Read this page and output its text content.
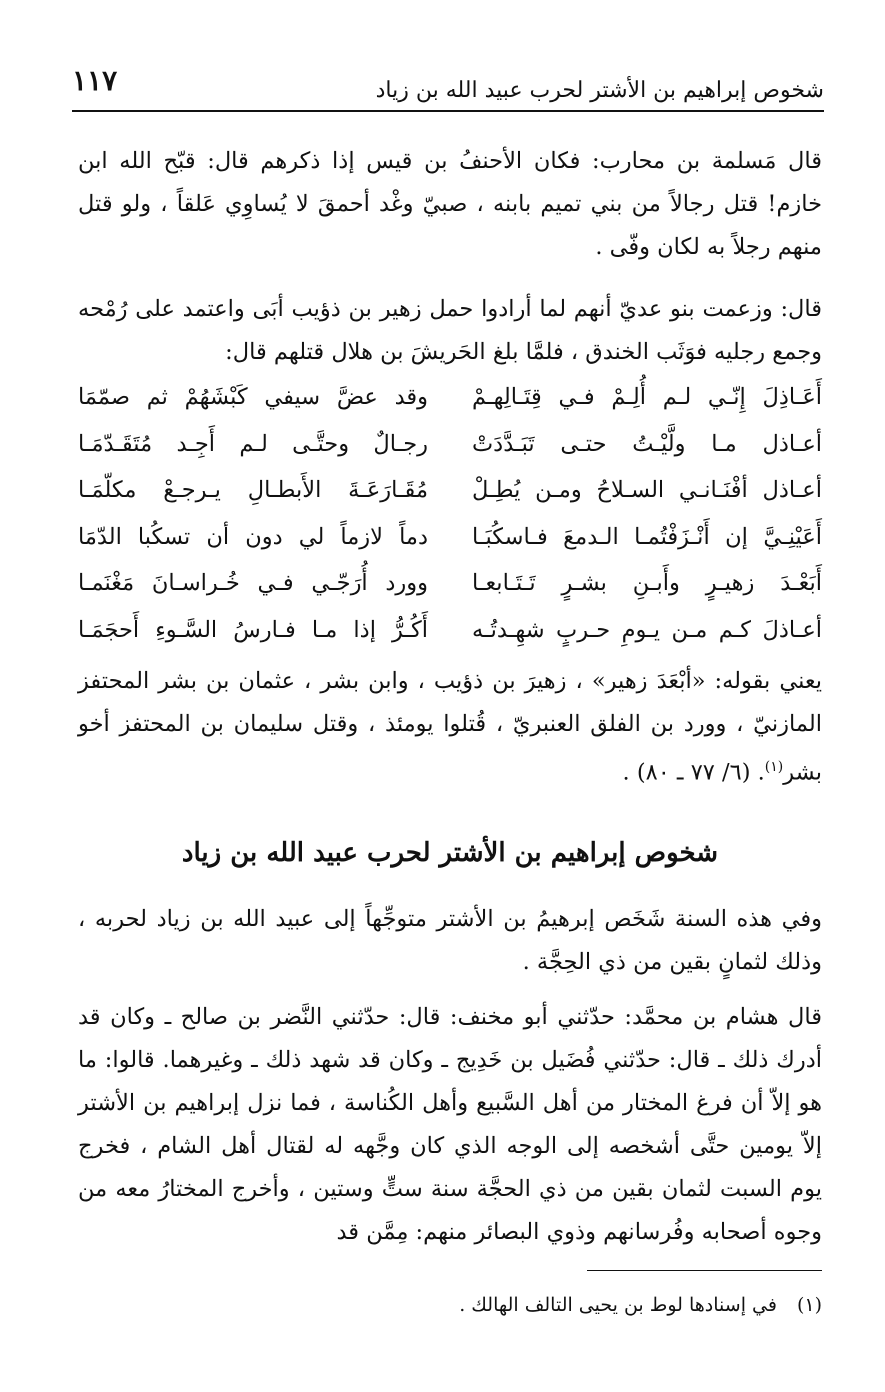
شخوص إبراهيم بن الأشتر لحرب عبيد الله بن زياد
١١٧

قال مَسلمة بن محارب: فكان الأحنفُ بن قيس إذا ذكرهم قال: قبّح الله ابن خازم! قتل رجالاً من بني تميم بابنه ، صبيّ وغْد أحمقَ لا يُساوِي عَلقاً ، ولو قتل منهم رجلاً به لكان وفّى .

قال: وزعمت بنو عديّ أنهم لما أرادوا حمل زهير بن ذؤيب أبَى واعتمد على رُمْحه وجمع رجليه فوَثَب الخندق ، فلمَّا بلغ الحَريشَ بن هلال قتلهم قال:

أَعَـاذِلَ إِنّـي لـم أُلِـمْ فـي قِتَـالِهـمْ
وقد عضَّ سيفي كَبْشَهُمْ ثم صمّمَا
أعـاذل مـا ولَّيْـتُ حتـى تَبَـدَّدَتْ
رجـالٌ وحتَّـى لـم أَجِـد مُتَقَـدّمَـا
أعـاذل أفْنَـانـي السـلاحُ ومـن يُطِـلْ
مُقَـارَعَـةَ الأَبطـالِ يـرجـعْ مكلّمَـا
أَعَيْنِـيَّ إن أَنْـزَفْتُمـا الـدمعَ فـاسكُبَـا
دماً لازماً لي دون أن تسكُبا الدّمَا
أَبَعْـدَ زهيـرٍ وأَبـنِ بشـرٍ تَـتَـابعـا
وورد أُرَجّـي فـي خُـراسـانَ مَغْنَمـا
أعـاذلَ كـم مـن يـومِ حـربٍ شهِـدتُـه
أَكُـرُّ إذا مـا فـارسُ السَّـوءِ أَحجَمَـا

يعني بقوله: «أبْعَدَ زهير» ، زهيرَ بن ذؤيب ، وابن بشر ، عثمان بن بشر المحتفز المازنيّ ، وورد بن الفلق العنبريّ ، قُتلوا يومئذ ، وقتل سليمان بن المحتفز أخو بشر$^{(١)}$. (٦/ ٧٧ ـ ٨٠) .

شخوص إبراهيم بن الأشتر لحرب عبيد الله بن زياد

وفي هذه السنة شَخَص إبرهيمُ بن الأشتر متوجِّهاً إلى عبيد الله بن زياد لحربه ، وذلك لثمانٍ بقين من ذي الحِجَّة .

قال هشام بن محمَّد: حدّثني أبو مخنف: قال: حدّثني النَّضر بن صالح ـ وكان قد أدرك ذلك ـ قال: حدّثني فُضَيل بن خَدِيج ـ وكان قد شهد ذلك ـ وغيرهما. قالوا: ما هو إلاّ أن فرغ المختار من أهل السَّبيع وأهل الكُناسة ، فما نزل إبراهيم بن الأشتر إلاّ يومين حتَّى أشخصه إلى الوجه الذي كان وجَّهه له لقتال أهل الشام ، فخرج يوم السبت لثمان بقين من ذي الحجَّة سنة ستٍّ وستين ، وأخرج المختارُ معه من وجوه أصحابه وفُرسانهم وذوي البصائر منهم: مِمَّن قد

(١)في إسنادها لوط بن يحيى التالف الهالك .
